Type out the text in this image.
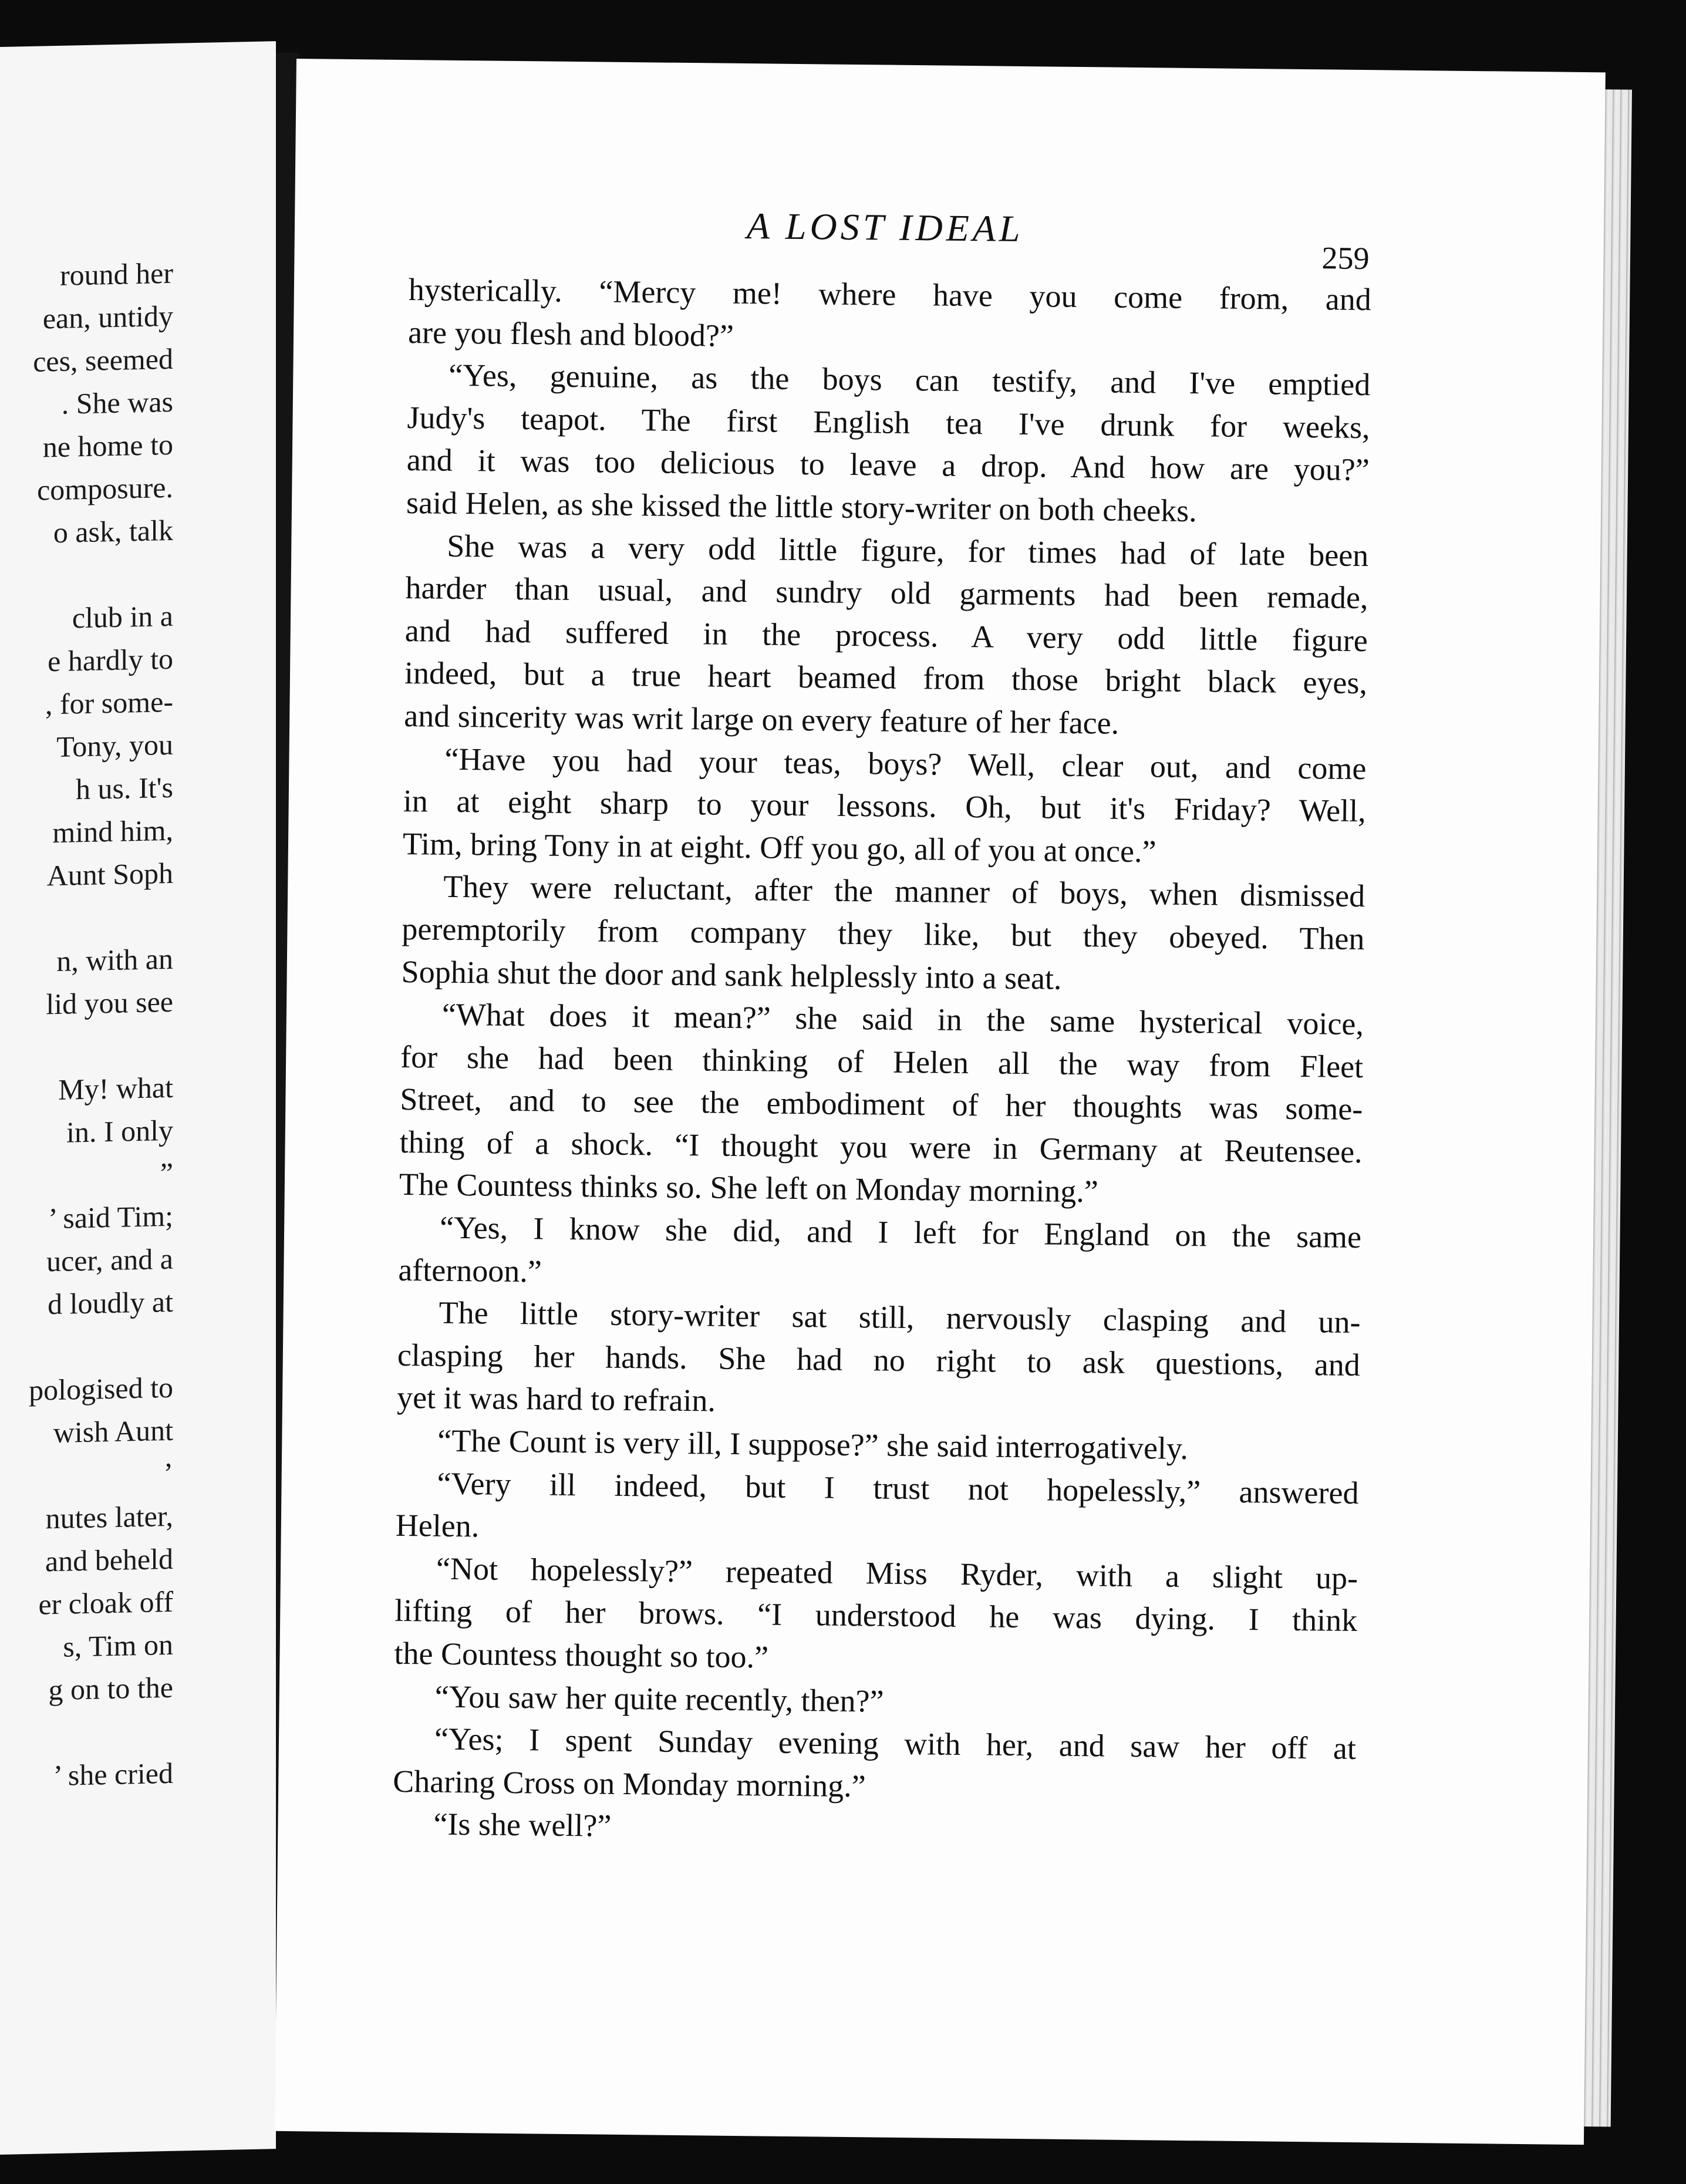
round her
ean, untidy
ces, seemed
. She was
ne home to
composure.
o ask, talk
club in a
e hardly to
, for some-
Tony, you
h us. It's
mind him,
Aunt Soph
n, with an
lid you see
My! what
in. I only
”
’ said Tim;
ucer, and a
d loudly at
pologised to
wish Aunt
’
nutes later,
and beheld
er cloak off
s, Tim on
g on to the
’ she cried
A LOST IDEAL
259
hysterically. “Mercy me! where have you come from, and
are you flesh and blood?”
“Yes, genuine, as the boys can testify, and I've emptied
Judy's teapot. The first English tea I've drunk for weeks,
and it was too delicious to leave a drop. And how are you?”
said Helen, as she kissed the little story-writer on both cheeks.
She was a very odd little figure, for times had of late been
harder than usual, and sundry old garments had been remade,
and had suffered in the process. A very odd little figure
indeed, but a true heart beamed from those bright black eyes,
and sincerity was writ large on every feature of her face.
“Have you had your teas, boys? Well, clear out, and come
in at eight sharp to your lessons. Oh, but it's Friday? Well,
Tim, bring Tony in at eight. Off you go, all of you at once.”
They were reluctant, after the manner of boys, when dismissed
peremptorily from company they like, but they obeyed. Then
Sophia shut the door and sank helplessly into a seat.
“What does it mean?” she said in the same hysterical voice,
for she had been thinking of Helen all the way from Fleet
Street, and to see the embodiment of her thoughts was some-
thing of a shock. “I thought you were in Germany at Reutensee.
The Countess thinks so. She left on Monday morning.”
“Yes, I know she did, and I left for England on the same
afternoon.”
The little story-writer sat still, nervously clasping and un-
clasping her hands. She had no right to ask questions, and
yet it was hard to refrain.
“The Count is very ill, I suppose?” she said interrogatively.
“Very ill indeed, but I trust not hopelessly,” answered
Helen.
“Not hopelessly?” repeated Miss Ryder, with a slight up-
lifting of her brows. “I understood he was dying. I think
the Countess thought so too.”
“You saw her quite recently, then?”
“Yes; I spent Sunday evening with her, and saw her off at
Charing Cross on Monday morning.”
“Is she well?”
